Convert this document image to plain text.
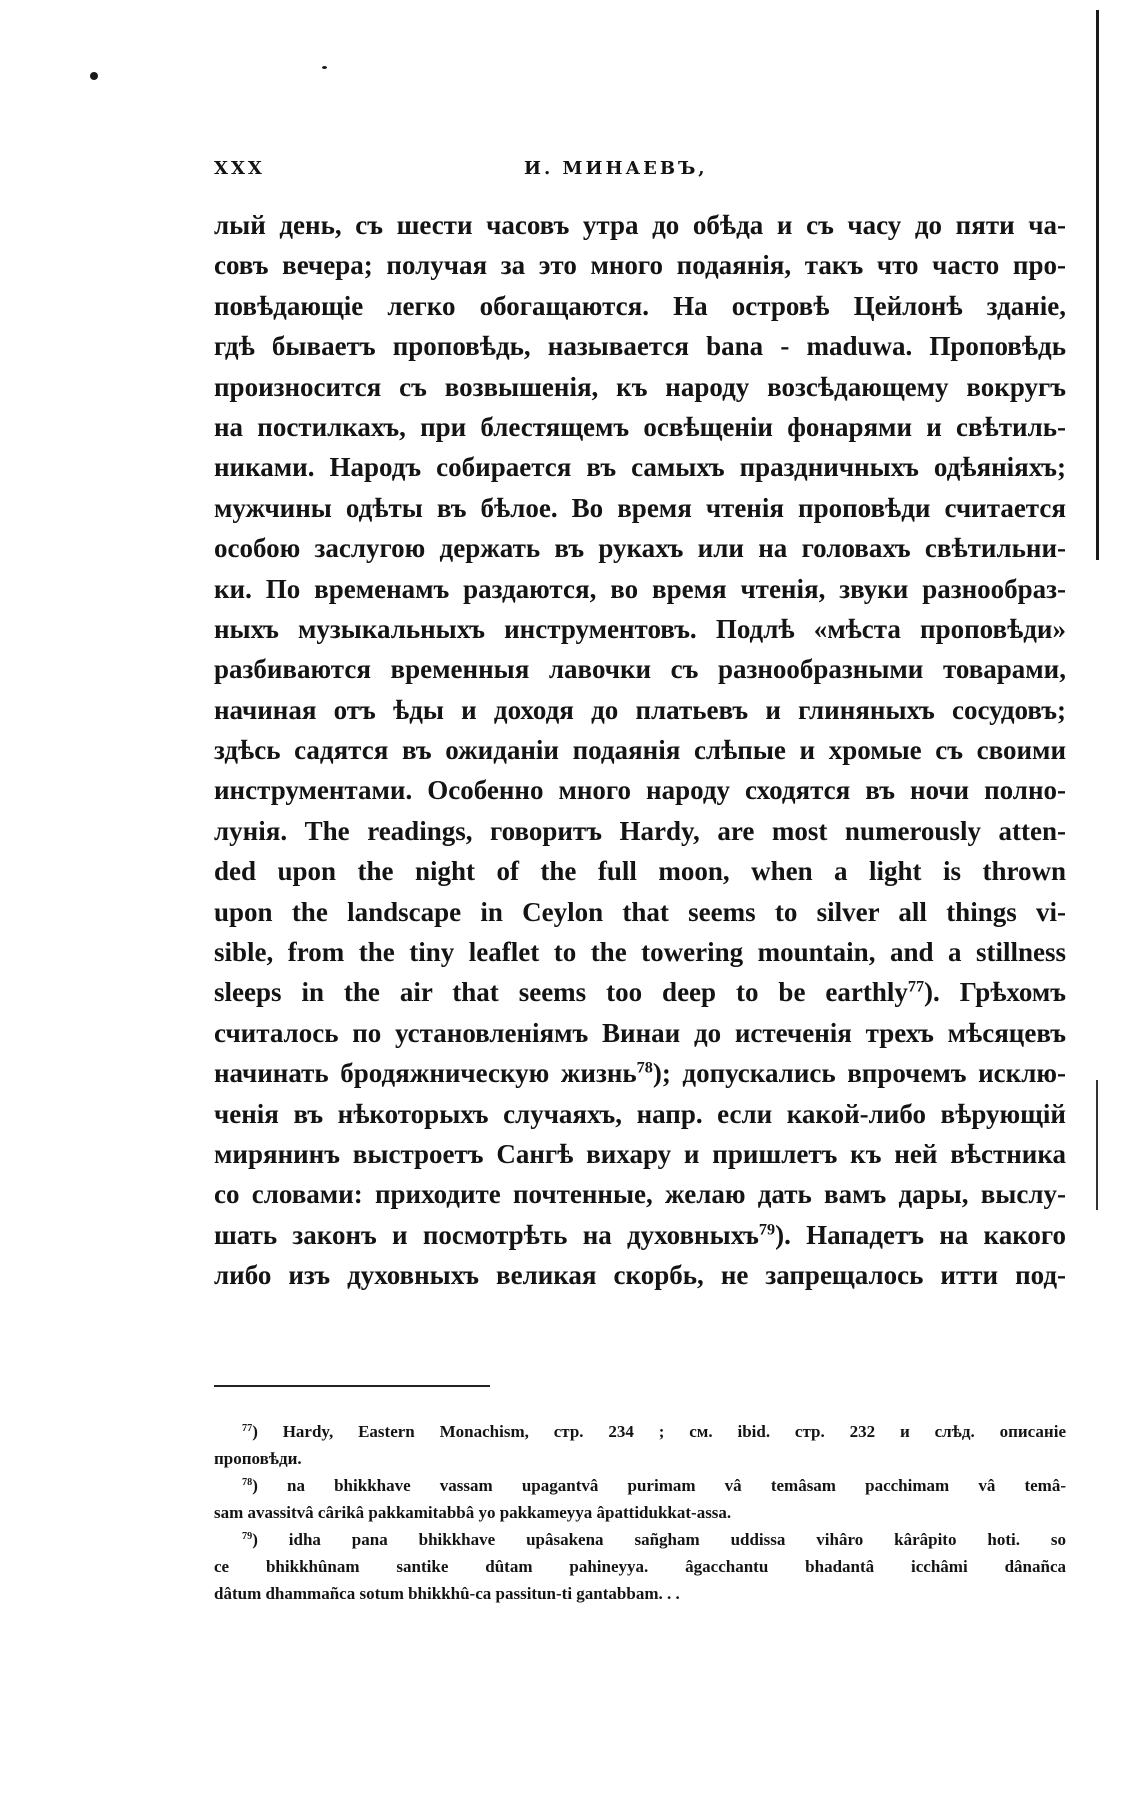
XXX	И. МИНАЕВЪ,
лый день, съ шести часовъ утра до обѣда и съ часу до пяти ча-
совъ вечера; получая за это много подаянія, такъ что часто про-
повѣдающіе легко обогащаются. На островѣ Цейлонѣ зданіе,
гдѣ бываетъ проповѣдь, называется bana - maduwa. Проповѣдь
произносится съ возвышенія, къ народу возсѣдающему вокругъ
на постилкахъ, при блестящемъ освѣщеніи фонарями и свѣтиль-
никами. Народъ собирается въ самыхъ праздничныхъ одѣяніяхъ;
мужчины одѣты въ бѣлое. Во время чтенія проповѣди считается
особою заслугою держать въ рукахъ или на головахъ свѣтильни-
ки. По временамъ раздаются, во время чтенія, звуки разнообраз-
ныхъ музыкальныхъ инструментовъ. Подлѣ «мѣста проповѣди»
разбиваются временныя лавочки съ разнообразными товарами,
начиная отъ ѣды и доходя до платьевъ и глиняныхъ сосудовъ;
здѣсь садятся въ ожиданіи подаянія слѣпые и хромые съ своими
инструментами. Особенно много народу сходятся въ ночи полно-
лунія. The readings, говоритъ Hardy, are most numerously atten-
ded upon the night of the full moon, when a light is thrown
upon the landscape in Ceylon that seems to silver all things vi-
sible, from the tiny leaflet to the towering mountain, and a stillness
sleeps in the air that seems too deep to be earthly$^{77}$). Грѣхомъ
считалось по установленіямъ Винаи до истеченія трехъ мѣсяцевъ
начинать бродяжническую жизнь$^{78}$); допускались впрочемъ исклю-
ченія въ нѣкоторыхъ случаяхъ, напр. если какой-либо вѣрующій
мирянинъ выстроетъ Сангѣ вихару и пришлетъ къ ней вѣстника
со словами: приходите почтенные, желаю дать вамъ дары, выслу-
шать законъ и посмотрѣть на духовныхъ$^{79}$). Нападетъ на какого
либо изъ духовныхъ великая скорбь, не запрещалось итти под-
$^{77}$) Hardy, Eastern Monachism, стр. 234 ; см. ibid. стр. 232 и слѣд. описаніе
проповѣди.
$^{78}$) na bhikkhave vassam upagantvâ purimam vâ temâsam pacchimam vâ temâ-
sam avassitvâ cârikâ pakkamitabbâ yo pakkameyya âpattidukkat-assa.
$^{79}$) idha pana bhikkhave upâsakena sañgham uddissa vihâro kârâpito hoti. so
ce bhikkhûnam santike dûtam pahineyya. âgacchantu bhadantâ icchâmi dânañca
dâtum dhammañca sotum bhikkhû-ca passitun-ti gantabbam. . .
